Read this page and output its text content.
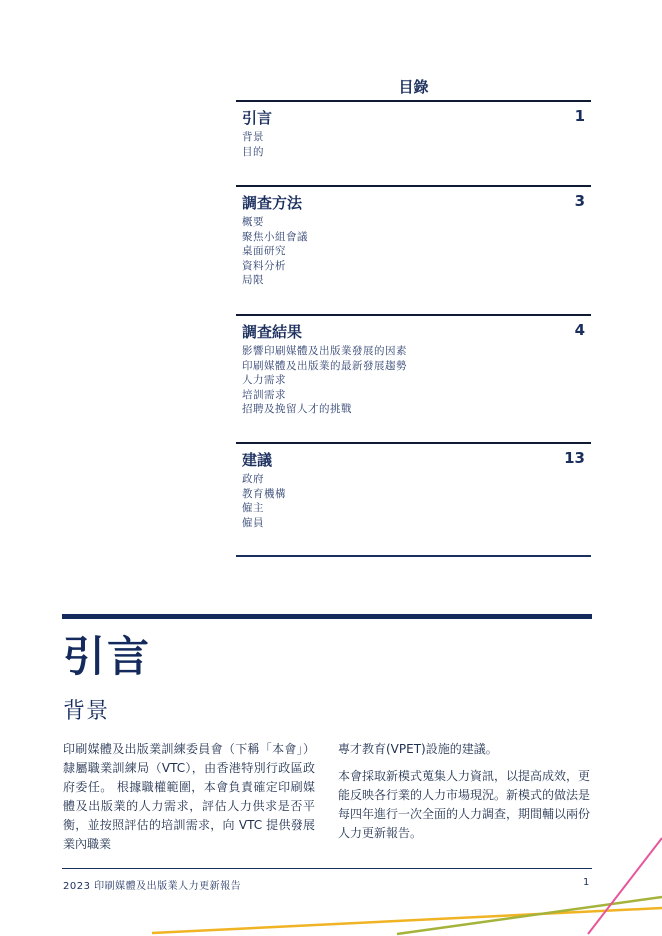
目錄
引言	1
背景
目的
調查方法	3
概要
聚焦小組會議
桌面研究
資料分析
局限
調查結果	4
影響印刷媒體及出版業發展的因素
印刷媒體及出版業的最新發展趨勢
人力需求
培訓需求
招聘及挽留人才的挑戰
建議	13
政府
教育機構
僱主
僱員
引言
背景

印刷媒體及出版業訓練委員會（下稱「本會」）隸屬職業訓練局（VTC），由香港特別行政區政府委任。 根據職權範圍，本會負責確定印刷媒體及出版業的人力需求，評估人力供求是否平衡，並按照評估的培訓需求，向 VTC 提供發展業內職業

專才教育(VPET)設施的建議。

本會採取新模式蒐集人力資訊，以提高成效，更能反映各行業的人力市場現況。新模式的做法是每四年進行一次全面的人力調查，期間輔以兩份人力更新報告。

2023 印刷媒體及出版業人力更新報告	1
